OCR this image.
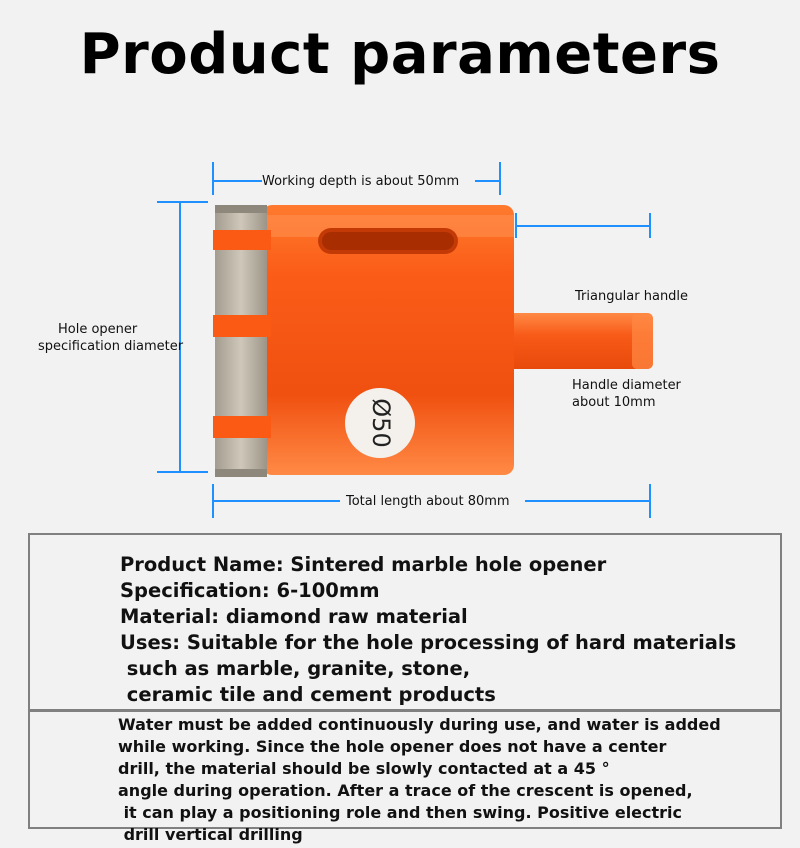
Product parameters
Ø50
Working depth is about 50mm
Hole opener
specification diameter
Triangular handle
Handle diameter
about 10mm
Total length about 80mm
Product Name: Sintered marble hole opener
Specification: 6-100mm
Material: diamond raw material
Uses: Suitable for the hole processing of hard materials
such as marble, granite, stone,
ceramic tile and cement products
Water must be added continuously during use, and water is added
while working. Since the hole opener does not have a center
drill, the material should be slowly contacted at a 45 °
angle during operation. After a trace of the crescent is opened,
it can play a positioning role and then swing. Positive electric
drill vertical drilling
